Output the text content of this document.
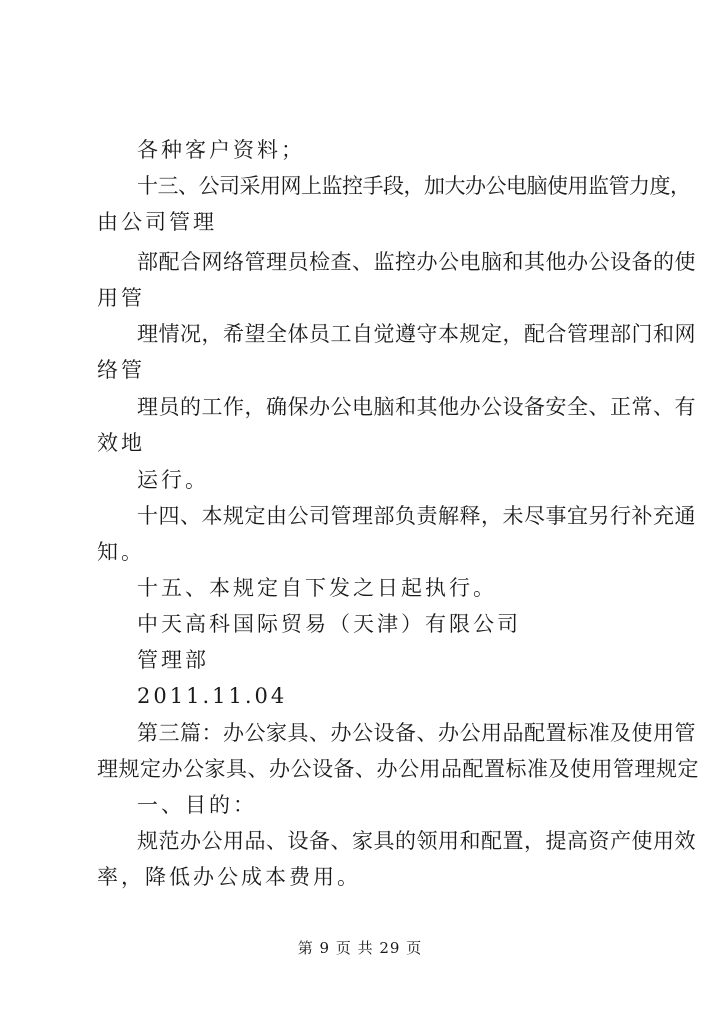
各种客户资料；
十三、公司采用网上监控手段，加大办公电脑使用监管力度，
由公司管理
部配合网络管理员检查、监控办公电脑和其他办公设备的使
用管
理情况，希望全体员工自觉遵守本规定，配合管理部门和网
络管
理员的工作，确保办公电脑和其他办公设备安全、正常、有
效地
运行。
十四、本规定由公司管理部负责解释，未尽事宜另行补充通
知。
十五、本规定自下发之日起执行。
中天高科国际贸易（天津）有限公司
管理部
2011.11.04
第三篇：办公家具、办公设备、办公用品配置标准及使用管
理规定办公家具、办公设备、办公用品配置标准及使用管理规定
一、目的：
规范办公用品、设备、家具的领用和配置，提高资产使用效
率，降低办公成本费用。
第 9 页 共 29 页
